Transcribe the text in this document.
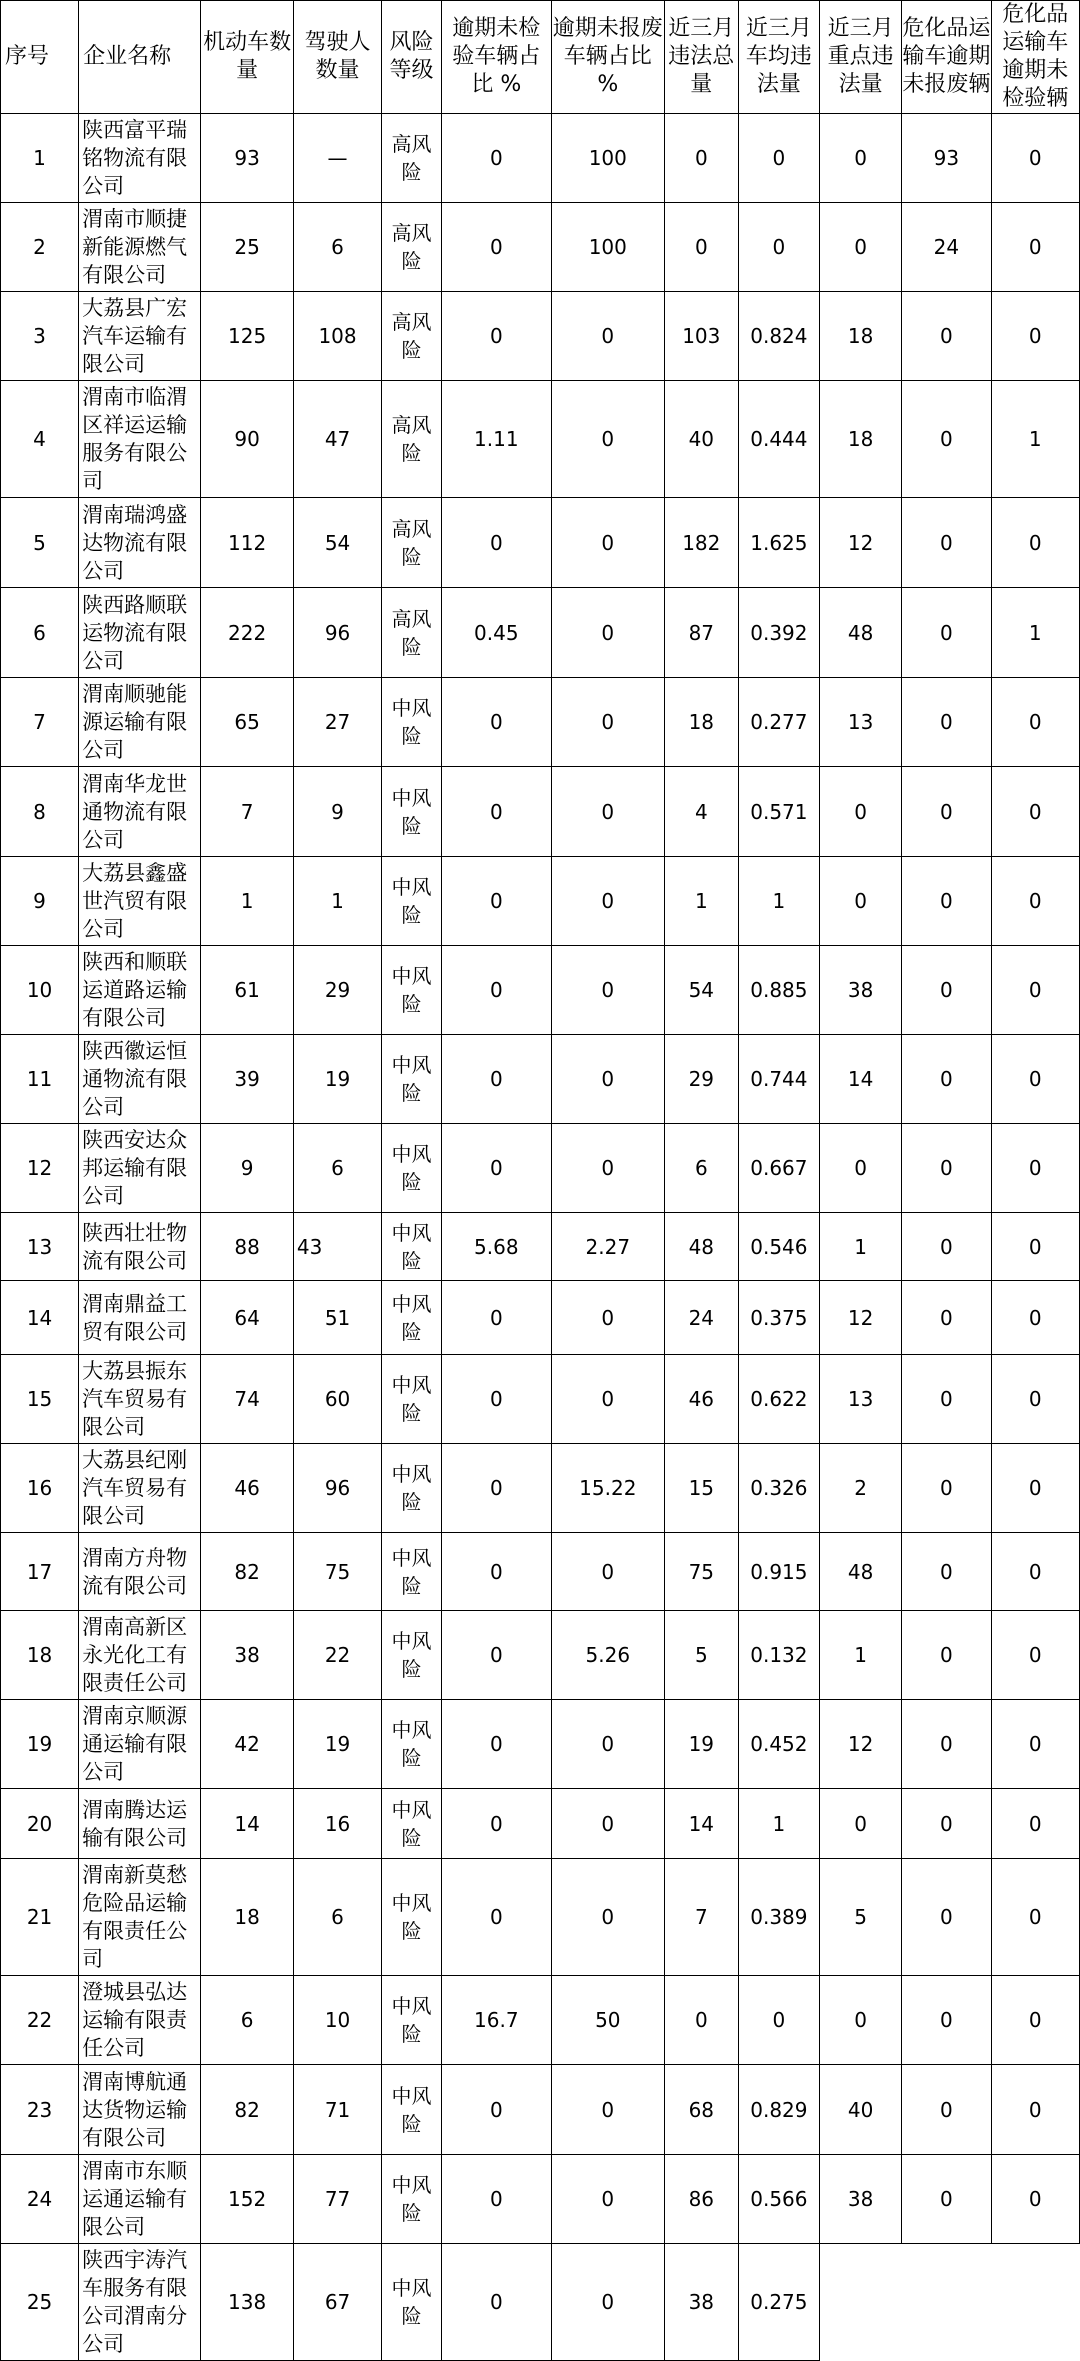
序号	企业名称	机动车数量	驾驶人数量	风险等级	逾期未检验车辆占比 %	逾期未报废车辆占比 %	近三月违法总量	近三月车均违法量	近三月重点违法量	危化品运输车逾期未报废辆	危化品运输车逾期未检验辆
1	陕西富平瑞铭物流有限公司	93	—	高风险	0	100	0	0	0	93	0
2	渭南市顺捷新能源燃气有限公司	25	6	高风险	0	100	0	0	0	24	0
3	大荔县广宏汽车运输有限公司	125	108	高风险	0	0	103	0.824	18	0	0
4	渭南市临渭区祥运运输服务有限公司	90	47	高风险	1.11	0	40	0.444	18	0	1
5	渭南瑞鸿盛达物流有限公司	112	54	高风险	0	0	182	1.625	12	0	0
6	陕西路顺联运物流有限公司	222	96	高风险	0.45	0	87	0.392	48	0	1
7	渭南顺驰能源运输有限公司	65	27	中风险	0	0	18	0.277	13	0	0
8	渭南华龙世通物流有限公司	7	9	中风险	0	0	4	0.571	0	0	0
9	大荔县鑫盛世汽贸有限公司	1	1	中风险	0	0	1	1	0	0	0
10	陕西和顺联运道路运输有限公司	61	29	中风险	0	0	54	0.885	38	0	0
11	陕西徽运恒通物流有限公司	39	19	中风险	0	0	29	0.744	14	0	0
12	陕西安达众邦运输有限公司	9	6	中风险	0	0	6	0.667	0	0	0
13	陕西壮壮物流有限公司	88	43	中风险	5.68	2.27	48	0.546	1	0	0
14	渭南鼎益工贸有限公司	64	51	中风险	0	0	24	0.375	12	0	0
15	大荔县振东汽车贸易有限公司	74	60	中风险	0	0	46	0.622	13	0	0
16	大荔县纪刚汽车贸易有限公司	46	96	中风险	0	15.22	15	0.326	2	0	0
17	渭南方舟物流有限公司	82	75	中风险	0	0	75	0.915	48	0	0
18	渭南高新区永光化工有限责任公司	38	22	中风险	0	5.26	5	0.132	1	0	0
19	渭南京顺源通运输有限公司	42	19	中风险	0	0	19	0.452	12	0	0
20	渭南腾达运输有限公司	14	16	中风险	0	0	14	1	0	0	0
21	渭南新莫愁危险品运输有限责任公司	18	6	中风险	0	0	7	0.389	5	0	0
22	澄城县弘达运输有限责任公司	6	10	中风险	16.7	50	0	0	0	0	0
23	渭南博航通达货物运输有限公司	82	71	中风险	0	0	68	0.829	40	0	0
24	渭南市东顺运通运输有限公司	152	77	中风险	0	0	86	0.566	38	0	0
25	陕西宇涛汽车服务有限公司渭南分公司	138	67	中风险	0	0	38	0.275			
